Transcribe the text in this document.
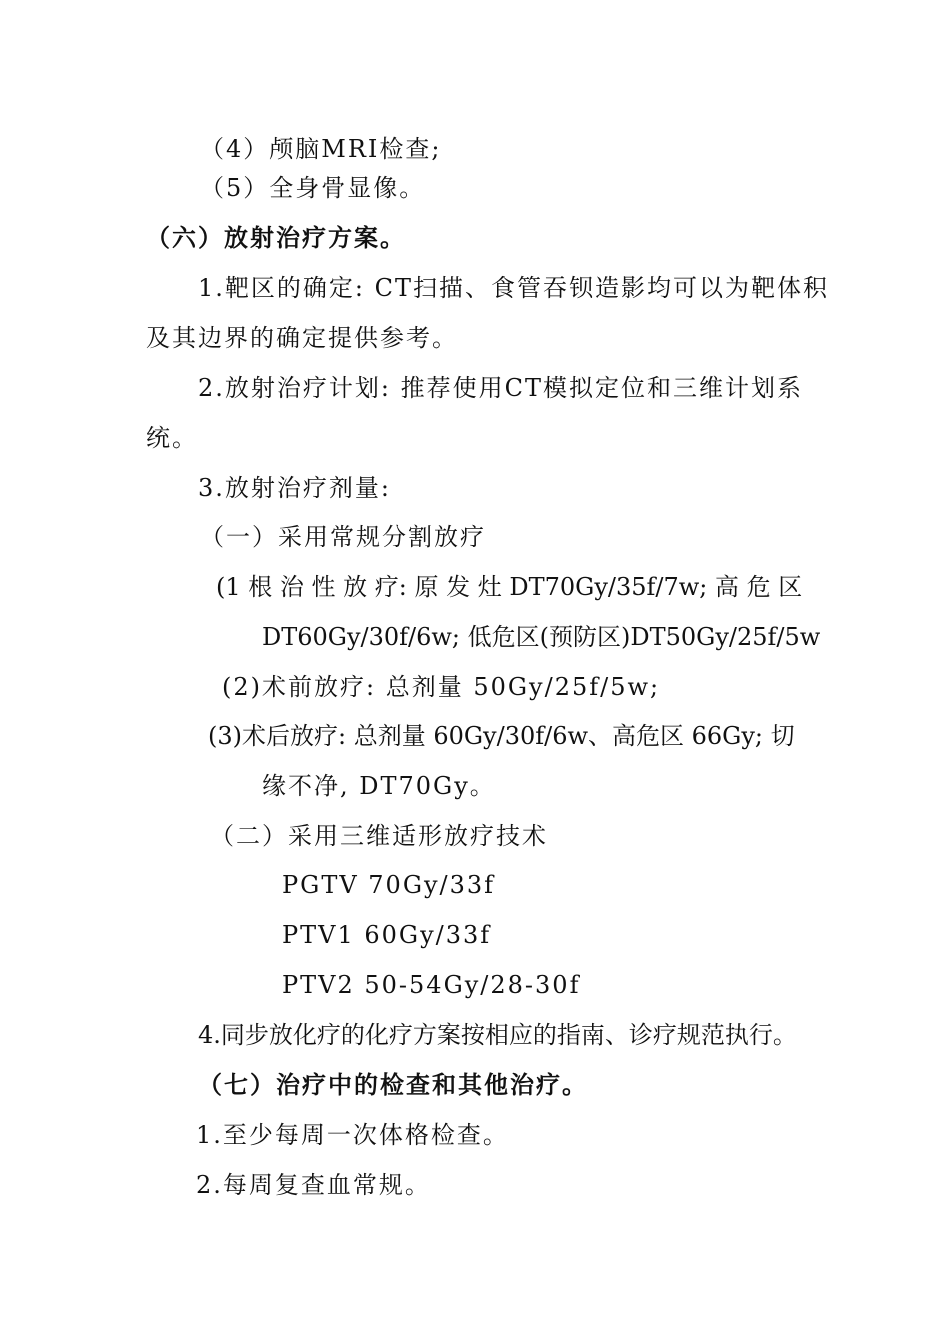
（4）颅脑MRI检查;
（5）全身骨显像。
（六）放射治疗方案。
1.靶区的确定: CT扫描、食管吞钡造影均可以为靶体积
及其边界的确定提供参考。
2.放射治疗计划: 推荐使用CT模拟定位和三维计划系
统。
3.放射治疗剂量:
（一）采用常规分割放疗
(1 根 治 性 放 疗: 原 发 灶 DT70Gy/35f/7w; 高 危 区
DT60Gy/30f/6w; 低危区(预防区)DT50Gy/25f/5w
(2)术前放疗: 总剂量 50Gy/25f/5w;
(3)术后放疗: 总剂量 60Gy/30f/6w、高危区 66Gy; 切
缘不净, DT70Gy。
（二）采用三维适形放疗技术
PGTV 70Gy/33f
PTV1 60Gy/33f
PTV2 50-54Gy/28-30f
4.同步放化疗的化疗方案按相应的指南、诊疗规范执行。
（七）治疗中的检查和其他治疗。
1.至少每周一次体格检查。
2.每周复查血常规。
